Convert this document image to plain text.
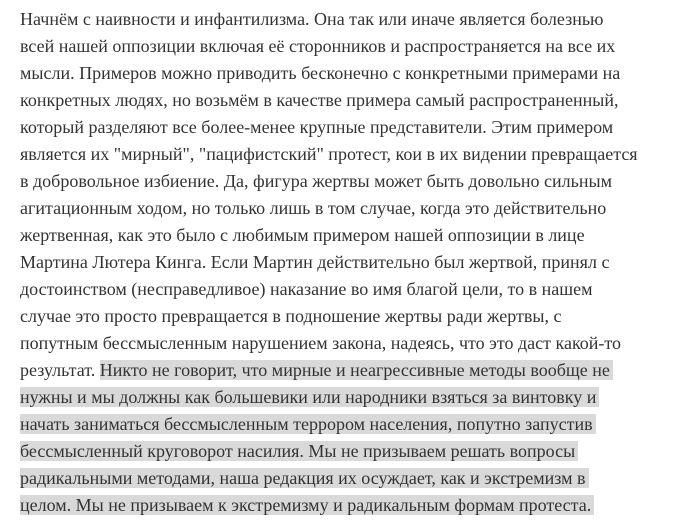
Начнём с наивности и инфантилизма. Она так или иначе является болезнью
всей нашей оппозиции включая её сторонников и распространяется на все их
мысли. Примеров можно приводить бесконечно с конкретными примерами на
конкретных людях, но возьмём в качестве примера самый распространенный,
который разделяют все более-менее крупные представители. Этим примером
является их "мирный", "пацифистский" протест, кои в их видении превращается
в добровольное избиение. Да, фигура жертвы может быть довольно сильным
агитационным ходом, но только лишь в том случае, когда это действительно
жертвенная, как это было с любимым примером нашей оппозиции в лице
Мартина Лютера Кинга. Если Мартин действительно был жертвой, принял с
достоинством (несправедливое) наказание во имя благой цели, то в нашем
случае это просто превращается в подношение жертвы ради жертвы, с
попутным бессмысленным нарушением закона, надеясь, что это даст какой-то
результат. Никто не говорит, что мирные и неагрессивные методы вообще не
нужны и мы должны как большевики или народники взяться за винтовку и
начать заниматься бессмысленным террором населения, попутно запустив
бессмысленный круговорот насилия. Мы не призываем решать вопросы
радикальными методами, наша редакция их осуждает, как и экстремизм в
целом. Мы не призываем к экстремизму и радикальным формам протеста.
